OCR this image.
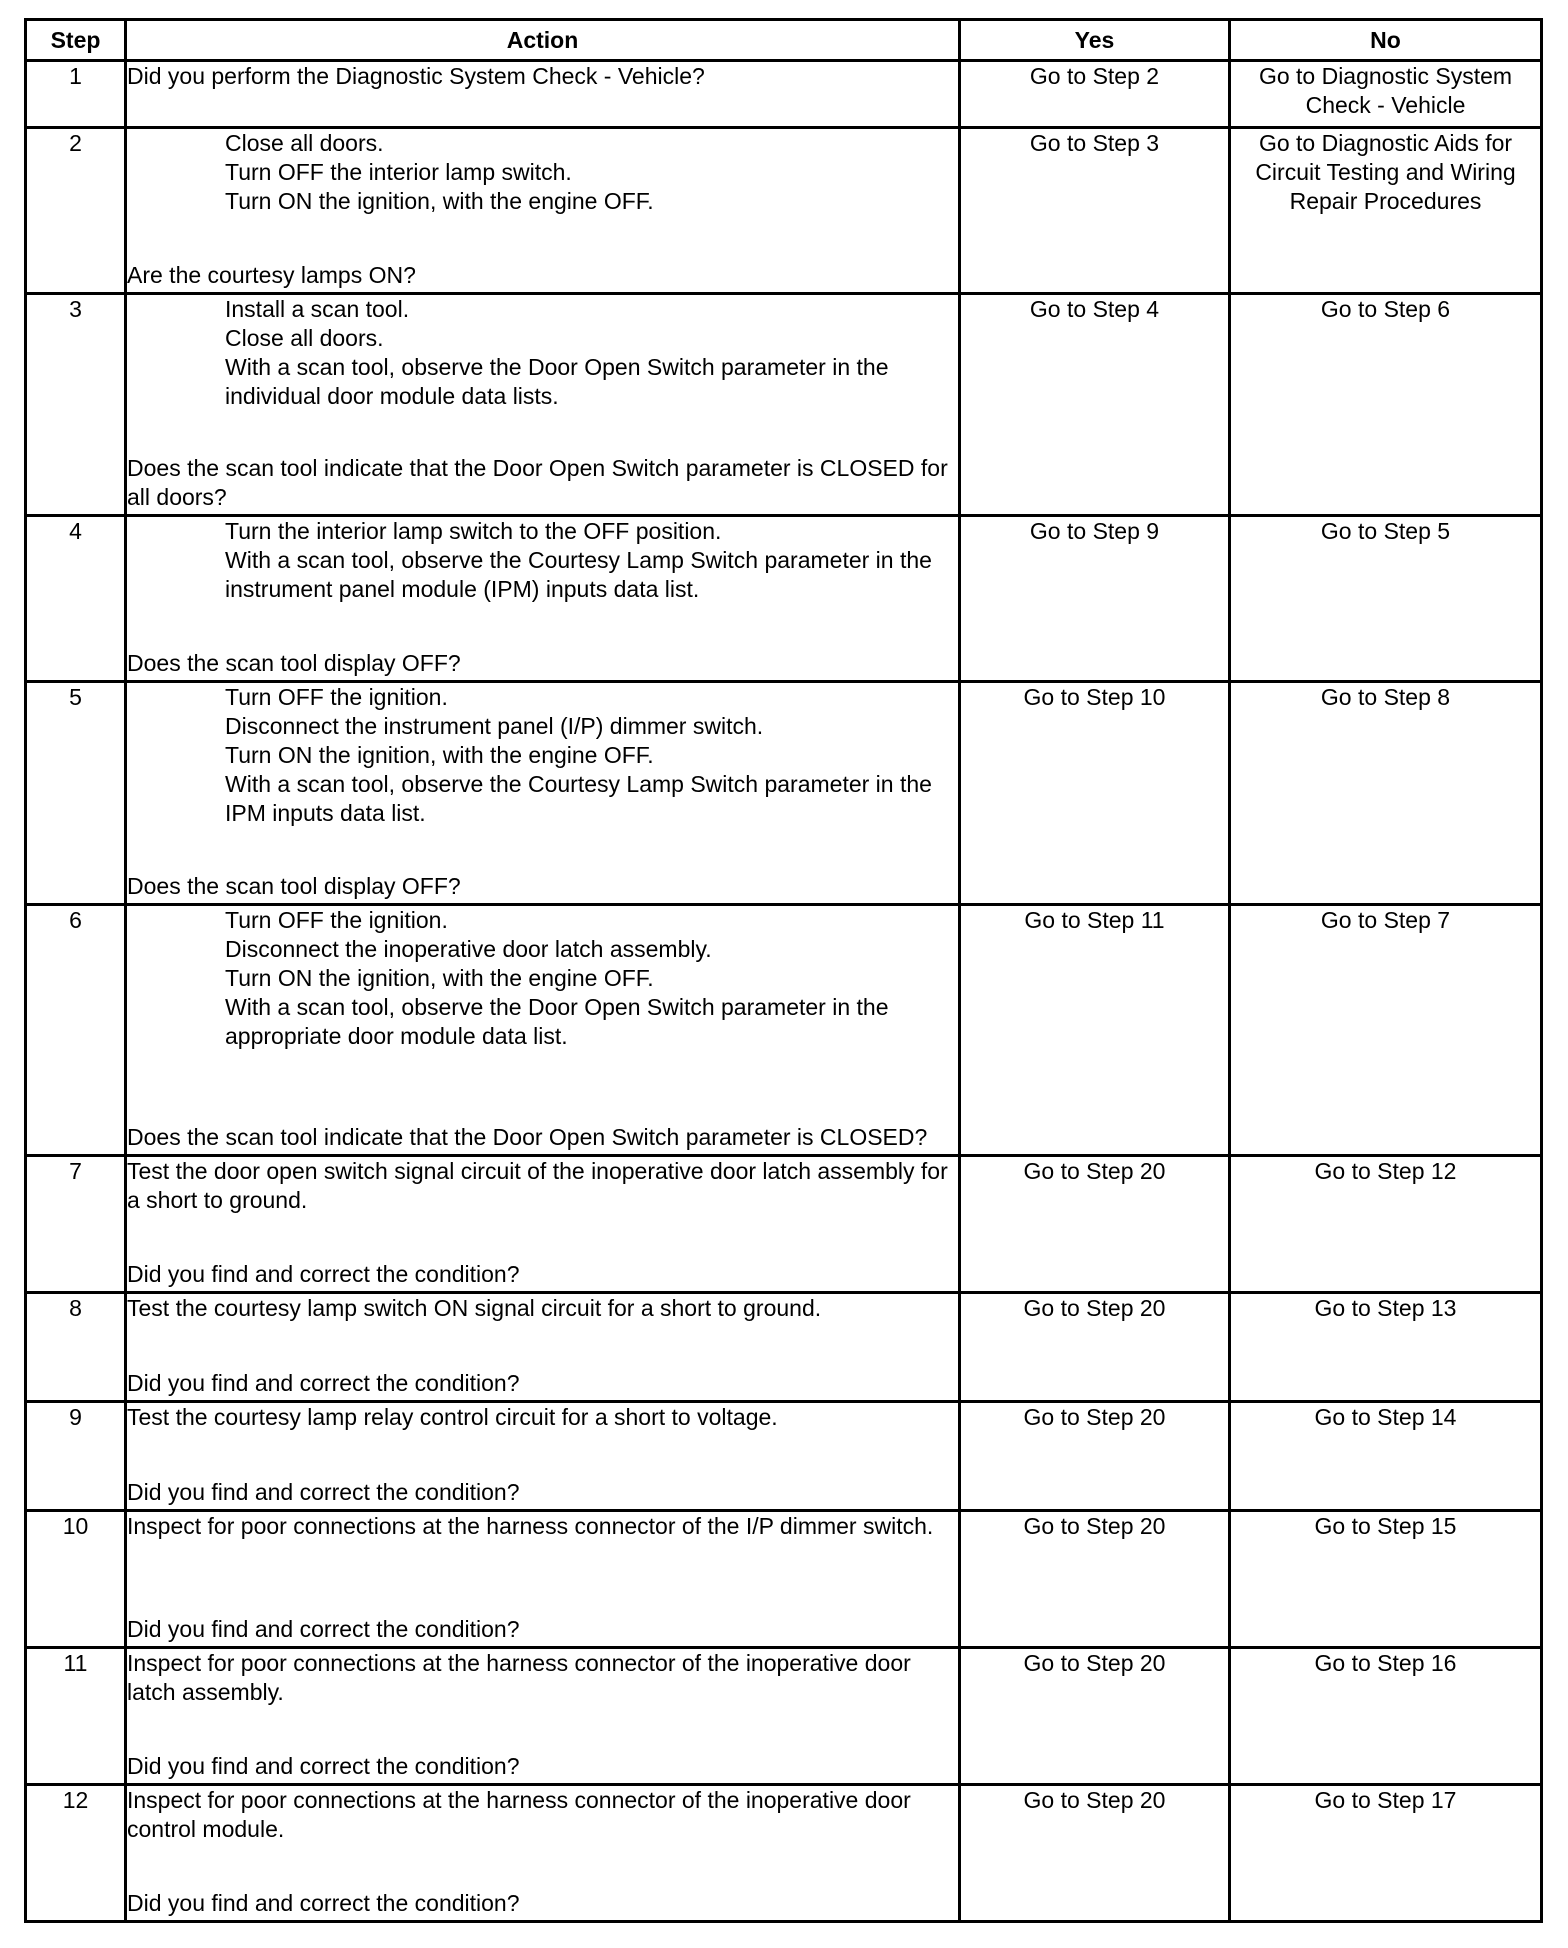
Step	Action	Yes	No
1	Did you perform the Diagnostic System Check - Vehicle?	Go to Step 2	Go to Diagnostic System Check - Vehicle
2	Close all doors.
Turn OFF the interior lamp switch.
Turn ON the ignition, with the engine OFF.
Are the courtesy lamps ON?	Go to Step 3	Go to Diagnostic Aids for Circuit Testing and Wiring Repair Procedures
3	Install a scan tool.
Close all doors.
With a scan tool, observe the Door Open Switch parameter in the individual door module data lists.
Does the scan tool indicate that the Door Open Switch parameter is CLOSED for all doors?	Go to Step 4	Go to Step 6
4	Turn the interior lamp switch to the OFF position.
With a scan tool, observe the Courtesy Lamp Switch parameter in the instrument panel module (IPM) inputs data list.
Does the scan tool display OFF?	Go to Step 9	Go to Step 5
5	Turn OFF the ignition.
Disconnect the instrument panel (I/P) dimmer switch.
Turn ON the ignition, with the engine OFF.
With a scan tool, observe the Courtesy Lamp Switch parameter in the IPM inputs data list.
Does the scan tool display OFF?	Go to Step 10	Go to Step 8
6	Turn OFF the ignition.
Disconnect the inoperative door latch assembly.
Turn ON the ignition, with the engine OFF.
With a scan tool, observe the Door Open Switch parameter in the appropriate door module data list.
Does the scan tool indicate that the Door Open Switch parameter is CLOSED?	Go to Step 11	Go to Step 7
7	Test the door open switch signal circuit of the inoperative door latch assembly for a short to ground.
Did you find and correct the condition?	Go to Step 20	Go to Step 12
8	Test the courtesy lamp switch ON signal circuit for a short to ground.
Did you find and correct the condition?	Go to Step 20	Go to Step 13
9	Test the courtesy lamp relay control circuit for a short to voltage.
Did you find and correct the condition?	Go to Step 20	Go to Step 14
10	Inspect for poor connections at the harness connector of the I/P dimmer switch.
Did you find and correct the condition?	Go to Step 20	Go to Step 15
11	Inspect for poor connections at the harness connector of the inoperative door latch assembly.
Did you find and correct the condition?	Go to Step 20	Go to Step 16
12	Inspect for poor connections at the harness connector of the inoperative door control module.
Did you find and correct the condition?	Go to Step 20	Go to Step 17
